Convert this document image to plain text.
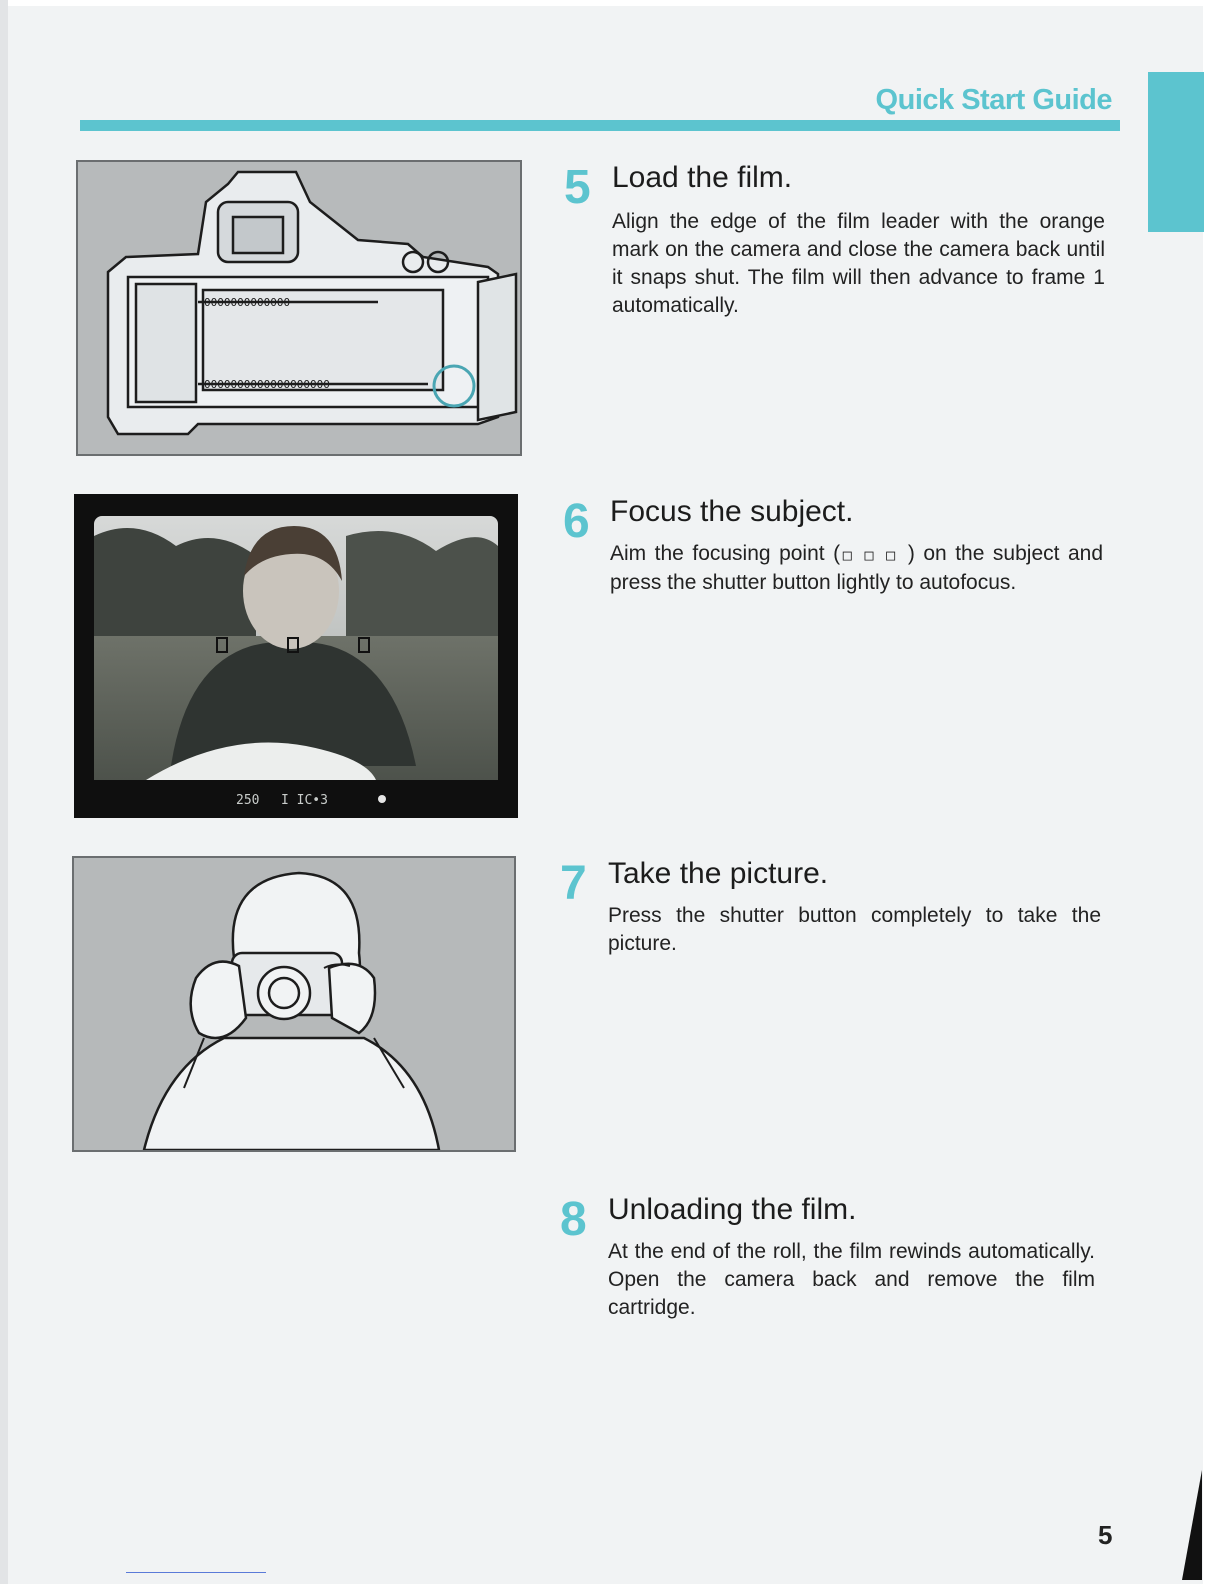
Quick Start Guide
0000000000000
0000000000000000000
5 Load the film.

Align the edge of the film leader with the orange mark on the camera and close the camera back until it snaps shut. The film will then advance to frame 1 automatically.

250 I IC•3
6 Focus the subject.

Aim the focusing point (□□□) on the subject and press the shutter button lightly to autofocus.

7 Take the picture.

Press the shutter button completely to take the picture.

8 Unloading the film.

At the end of the roll, the film rewinds automatically. Open the camera back and remove the film cartridge.

5
